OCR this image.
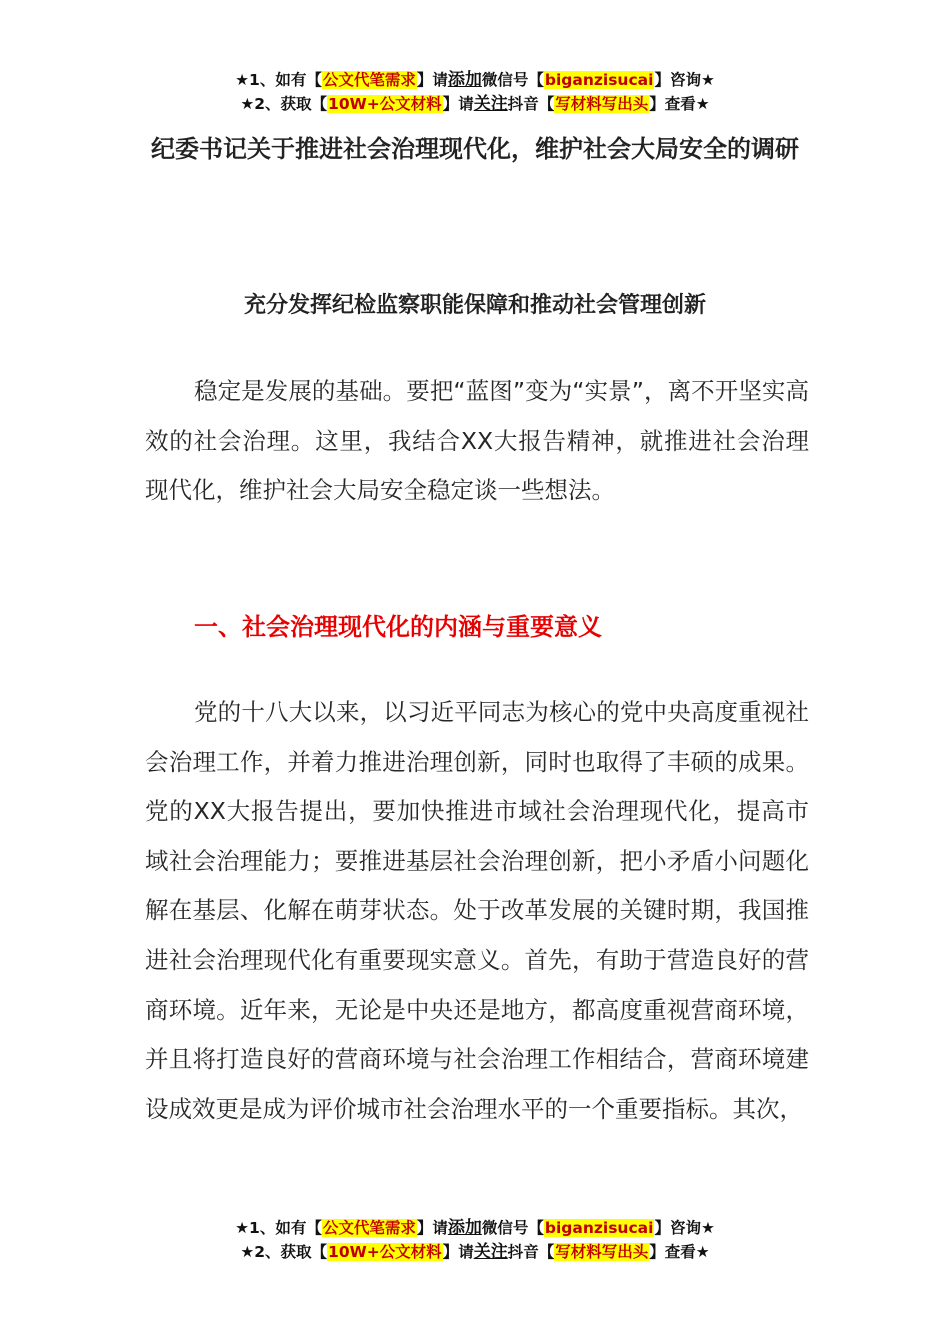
★1、如有【公文代笔需求】请添加微信号【biganzisucai】咨询★
★2、获取【10W+公文材料】请关注抖音【写材料写出头】查看★
纪委书记关于推进社会治理现代化，维护社会大局安全的调研
充分发挥纪检监察职能保障和推动社会管理创新

稳定是发展的基础。要把“蓝图”变为“实景”，离不开坚实高效的社会治理。这里，我结合XX大报告精神，就推进社会治理现代化，维护社会大局安全稳定谈一些想法。

一、社会治理现代化的内涵与重要意义

党的十八大以来，以习近平同志为核心的党中央高度重视社会治理工作，并着力推进治理创新，同时也取得了丰硕的成果。党的XX大报告提出，要加快推进市域社会治理现代化，提高市域社会治理能力；要推进基层社会治理创新，把小矛盾小问题化解在基层、化解在萌芽状态。处于改革发展的关键时期，我国推进社会治理现代化有重要现实意义。首先，有助于营造良好的营商环境。近年来，无论是中央还是地方，都高度重视营商环境，并且将打造良好的营商环境与社会治理工作相结合，营商环境建设成效更是成为评价城市社会治理水平的一个重要指标。其次，

★1、如有【公文代笔需求】请添加微信号【biganzisucai】咨询★
★2、获取【10W+公文材料】请关注抖音【写材料写出头】查看★
